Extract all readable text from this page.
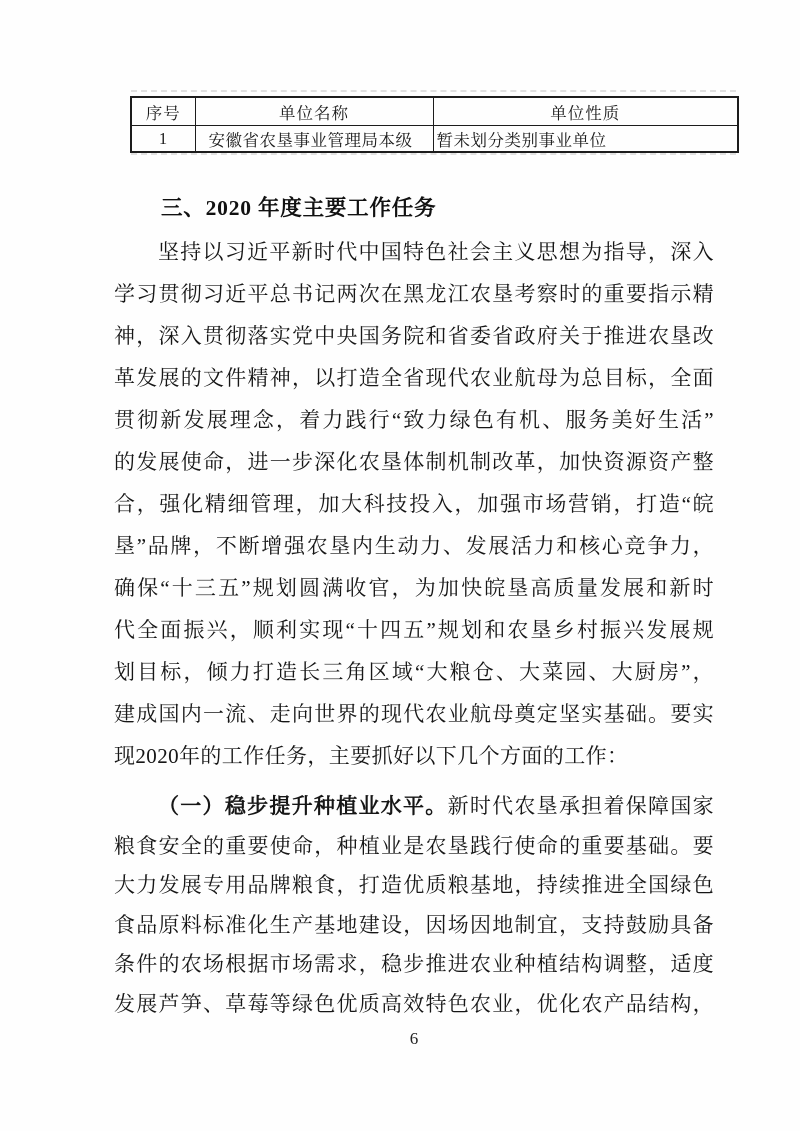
序号	单位名称	单位性质
1	安徽省农垦事业管理局本级	暂未划分类别事业单位
三、2020 年度主要工作任务
坚持以习近平新时代中国特色社会主义思想为指导，深入
学习贯彻习近平总书记两次在黑龙江农垦考察时的重要指示精
神，深入贯彻落实党中央国务院和省委省政府关于推进农垦改
革发展的文件精神，以打造全省现代农业航母为总目标，全面
贯彻新发展理念，着力践行“致力绿色有机、服务美好生活”
的发展使命，进一步深化农垦体制机制改革，加快资源资产整
合，强化精细管理，加大科技投入，加强市场营销，打造“皖
垦”品牌，不断增强农垦内生动力、发展活力和核心竞争力，
确保“十三五”规划圆满收官，为加快皖垦高质量发展和新时
代全面振兴，顺利实现“十四五”规划和农垦乡村振兴发展规
划目标，倾力打造长三角区域“大粮仓、大菜园、大厨房”，
建成国内一流、走向世界的现代农业航母奠定坚实基础。要实
现2020年的工作任务，主要抓好以下几个方面的工作：
（一）稳步提升种植业水平。新时代农垦承担着保障国家
粮食安全的重要使命，种植业是农垦践行使命的重要基础。要
大力发展专用品牌粮食，打造优质粮基地，持续推进全国绿色
食品原料标准化生产基地建设，因场因地制宜，支持鼓励具备
条件的农场根据市场需求，稳步推进农业种植结构调整，适度
发展芦笋、草莓等绿色优质高效特色农业，优化农产品结构，
6
